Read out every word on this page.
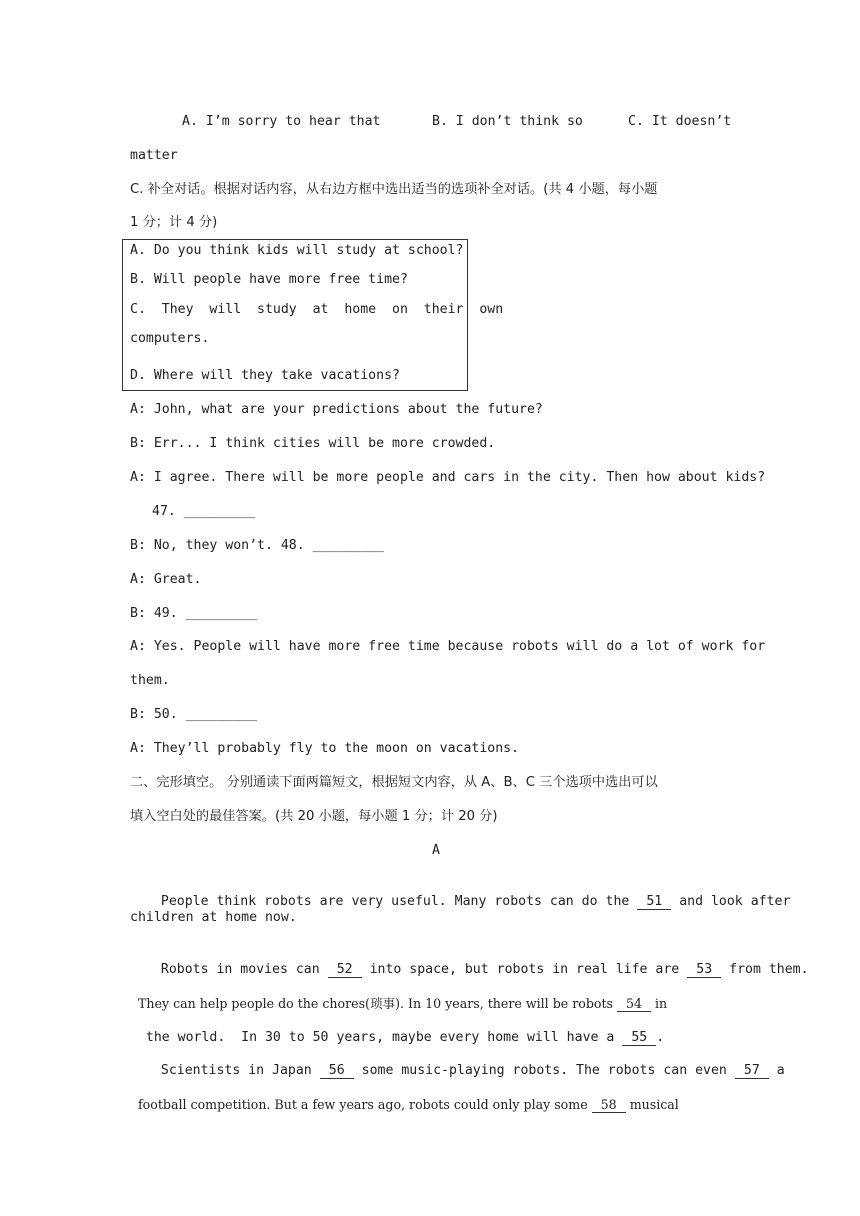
A. I’m sorry to hear that	B. I don’t think so	C. It doesn’t
matter
C. 补全对话。根据对话内容，从右边方框中选出适当的选项补全对话。(共 4 小题，每小题
1 分；计 4 分)
A. Do you think kids will study at school?
B. Will people have more free time?
C.  They  will  study  at  home  on  their  own
computers.
D. Where will they take vacations?
A: John, what are your predictions about the future?
B: Err... I think cities will be more crowded.
A: I agree. There will be more people and cars in the city. Then how about kids?
47. _________
B: No, they won’t. 48. _________
A: Great.
B: 49. _________
A: Yes. People will have more free time because robots will do a lot of work for
them.
B: 50. _________
A: They’ll probably fly to the moon on vacations.
二、完形填空。 分别通读下面两篇短文，根据短文内容，从 A、B、C 三个选项中选出可以
填入空白处的最佳答案。(共 20 小题，每小题 1 分；计 20 分)
A

People think robots are very useful. Many robots can do the 51 and look after

children at home now.

Robots in movies can 52 into space, but robots in real life are 53 from them.

They can help people do the chores(琐事). In 10 years, there will be robots 54 in

the world.  In 30 to 50 years, maybe every home will have a 55 .

Scientists in Japan 56 some music-playing robots. The robots can even 57 a

football competition. But a few years ago, robots could only play some 58 musical
